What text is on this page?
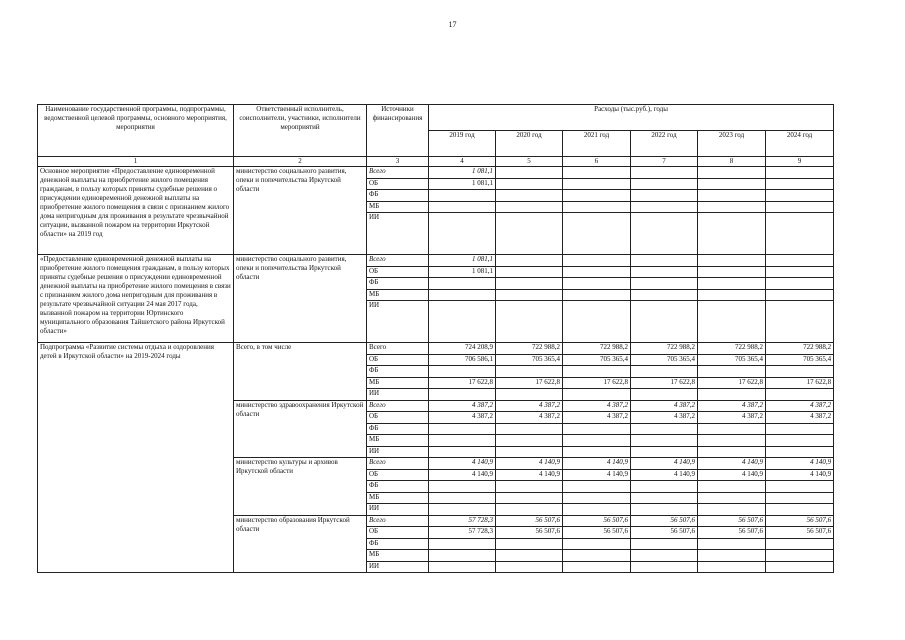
17
Наименование государственной программы, подпрограммы, ведомственной целевой программы, основного мероприятия, мероприятия	Ответственный исполнитель, соисполнители, участники, исполнители мероприятий	Источники финансирования	Расходы (тыс.руб.), годы					
			2019 год	2020 год	2021 год	2022 год	2023 год	2024 год
1	2	3	4	5	6	7	8	9
Основное мероприятие «Предоставление единовременной денежной выплаты на приобретение жилого помещения гражданам, в пользу которых приняты судебные решения о присуждении единовременной денежной выплаты на приобретение жилого помещения в связи с признанием жилого дома непригодным для проживания в результате чрезвычайной ситуации, вызванной пожаром на территории Иркутской области» на 2019 год	министерство социального развития, опеки и попечительства Иркутской области	Всего	1 081,1					
		ОБ	1 081,1					
		ФБ						
		МБ						
		ИИ						
«Предоставление единовременной денежной выплаты на приобретение жилого помещения гражданам, в пользу которых приняты судебные решения о присуждении единовременной денежной выплаты на приобретение жилого помещения в связи с признанием жилого дома непригодным для проживания в результате чрезвычайной ситуации 24 мая 2017 года, вызванной пожаром на территории Юртинского муниципального образования Тайшетского района Иркутской области»	министерство социального развития, опеки и попечительства Иркутской области	Всего	1 081,1					
		ОБ	1 081,1					
		ФБ						
		МБ						
		ИИ						
Подпрограмма «Развитие системы отдыха и оздоровления детей в Иркутской области» на 2019-2024 годы	Всего, в том числе	Всего	724 208,9	722 988,2	722 988,2	722 988,2	722 988,2	722 988,2
		ОБ	706 586,1	705 365,4	705 365,4	705 365,4	705 365,4	705 365,4
		ФБ						
		МБ	17 622,8	17 622,8	17 622,8	17 622,8	17 622,8	17 622,8
		ИИ						
	министерство здравоохранения Иркутской области	Всего	4 387,2	4 387,2	4 387,2	4 387,2	4 387,2	4 387,2
		ОБ	4 387,2	4 387,2	4 387,2	4 387,2	4 387,2	4 387,2
		ФБ						
		МБ						
		ИИ						
	министерство культуры и архивов Иркутской области	Всего	4 140,9	4 140,9	4 140,9	4 140,9	4 140,9	4 140,9
		ОБ	4 140,9	4 140,9	4 140,9	4 140,9	4 140,9	4 140,9
		ФБ						
		МБ						
		ИИ						
	министерство образования Иркутской области	Всего	57 728,3	56 507,6	56 507,6	56 507,6	56 507,6	56 507,6
		ОБ	57 728,3	56 507,6	56 507,6	56 507,6	56 507,6	56 507,6
		ФБ						
		МБ						
		ИИ						
